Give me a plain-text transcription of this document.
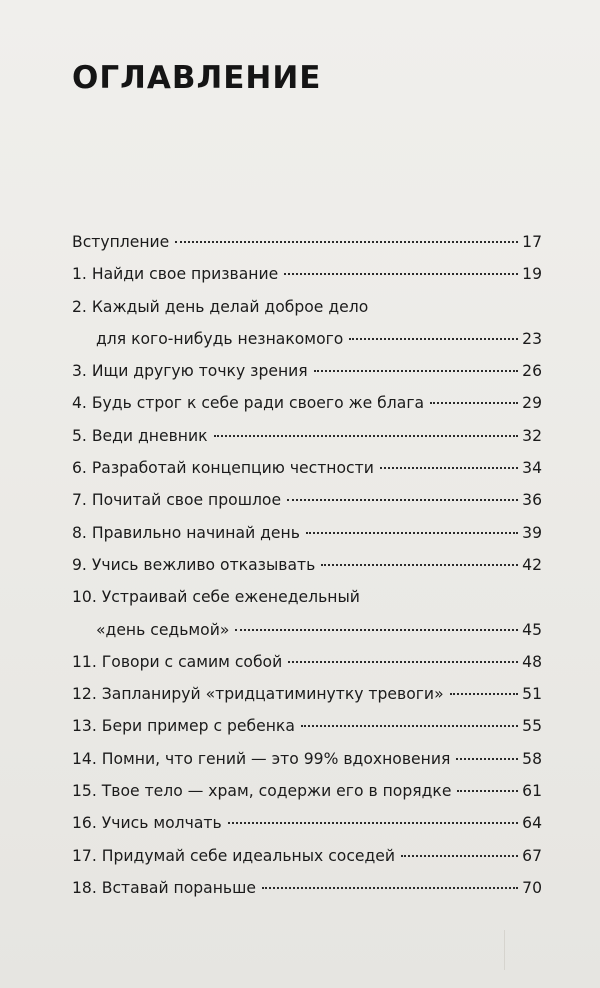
ОГЛАВЛЕНИЕ
Вступление	17
1. Найди свое призвание	19
2. Каждый день делай доброе дело
для кого-нибудь незнакомого	23
3. Ищи другую точку зрения	26
4. Будь строг к себе ради своего же блага	29
5. Веди дневник	32
6. Разработай концепцию честности	34
7. Почитай свое прошлое	36
8. Правильно начинай день	39
9. Учись вежливо отказывать	42
10. Устраивай себе еженедельный
«день седьмой»	45
11. Говори с самим собой	48
12. Запланируй «тридцатиминутку тревоги»	51
13. Бери пример с ребенка	55
14. Помни, что гений — это 99% вдохновения	58
15. Твое тело — храм, содержи его в порядке	61
16. Учись молчать	64
17. Придумай себе идеальных соседей	67
18. Вставай пораньше	70
